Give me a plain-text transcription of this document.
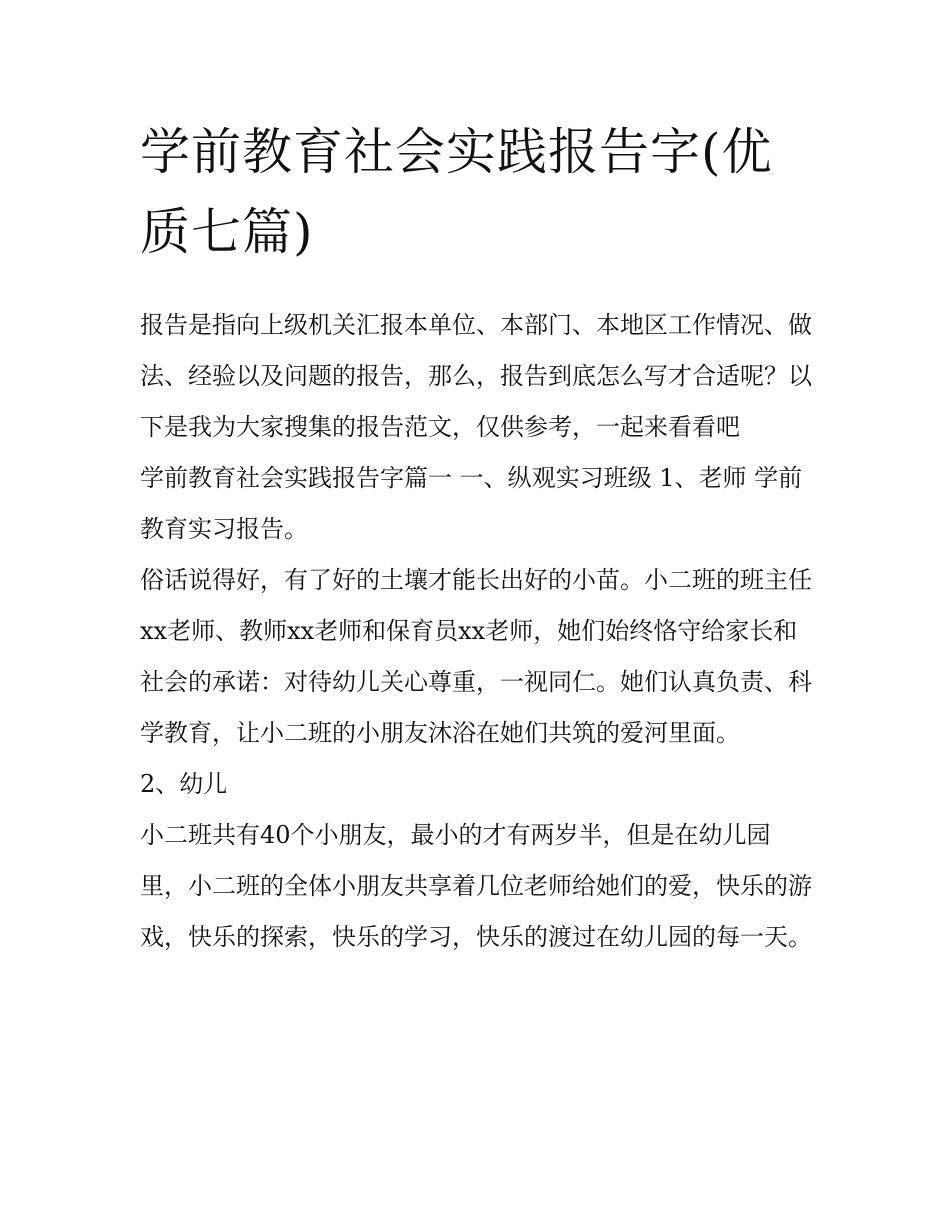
学前教育社会实践报告字(优质七篇)

报告是指向上级机关汇报本单位、本部门、本地区工作情况、做法、经验以及问题的报告，那么，报告到底怎么写才合适呢？以下是我为大家搜集的报告范文，仅供参考，一起来看看吧

学前教育社会实践报告字篇一 一、纵观实习班级 1、老师 学前教育实习报告。

俗话说得好，有了好的土壤才能长出好的小苗。小二班的班主任xx老师、教师xx老师和保育员xx老师，她们始终恪守给家长和社会的承诺：对待幼儿关心尊重，一视同仁。她们认真负责、科学教育，让小二班的小朋友沐浴在她们共筑的爱河里面。

2、幼儿

小二班共有40个小朋友，最小的才有两岁半，但是在幼儿园里，小二班的全体小朋友共享着几位老师给她们的爱，快乐的游戏，快乐的探索，快乐的学习，快乐的渡过在幼儿园的每一天。
